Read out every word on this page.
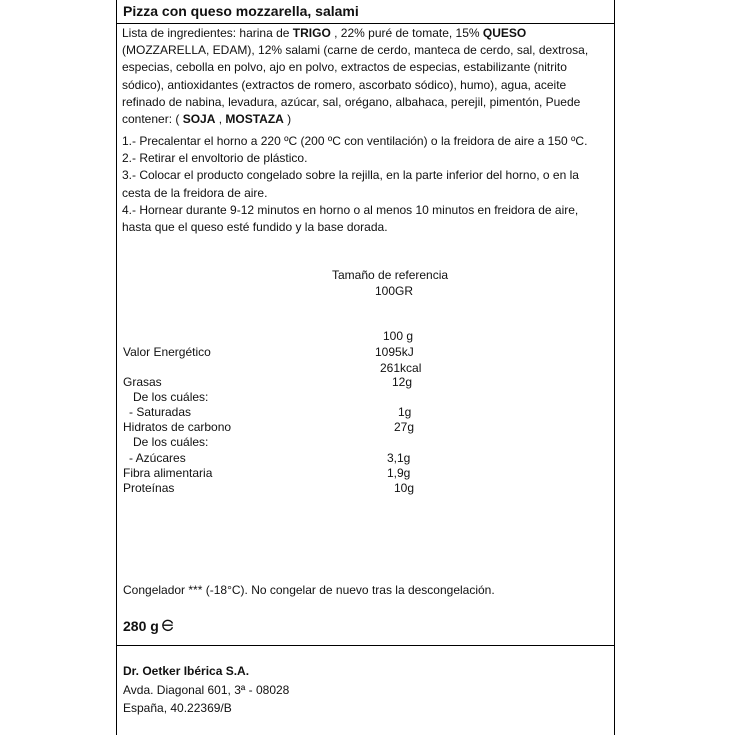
Pizza con queso mozzarella, salami
Lista de ingredientes: harina de TRIGO , 22% puré de tomate, 15% QUESO (MOZZARELLA, EDAM), 12% salami (carne de cerdo, manteca de cerdo, sal, dextrosa, especias, cebolla en polvo, ajo en polvo, extractos de especias, estabilizante (nitrito sódico), antioxidantes (extractos de romero, ascorbato sódico), humo), agua, aceite refinado de nabina, levadura, azúcar, sal, orégano, albahaca, perejil, pimentón, Puede contener: ( SOJA , MOSTAZA )
1.- Precalentar el horno a 220 ºC (200 ºC con ventilación) o la freidora de aire a 150 ºC.
2.- Retirar el envoltorio de plástico.
3.- Colocar el producto congelado sobre la rejilla, en la parte inferior del horno, o en la cesta de la freidora de aire.
4.- Hornear durante 9-12 minutos en horno o al menos 10 minutos en freidora de aire, hasta que el queso esté fundido y la base dorada.
Tamaño de referencia
100GR
100 g
Valor Energético	1095kJ
261kcal
Grasas	12g
De los cuáles:
- Saturadas	1g
Hidratos de carbono	27g
De los cuáles:
- Azúcares	3,1g
Fibra alimentaria	1,9g
Proteínas	10g
Congelador *** (-18°C). No congelar de nuevo tras la descongelación.
280 g
Dr. Oetker Ibérica S.A.
Avda. Diagonal 601, 3ª - 08028
España, 40.22369/B
